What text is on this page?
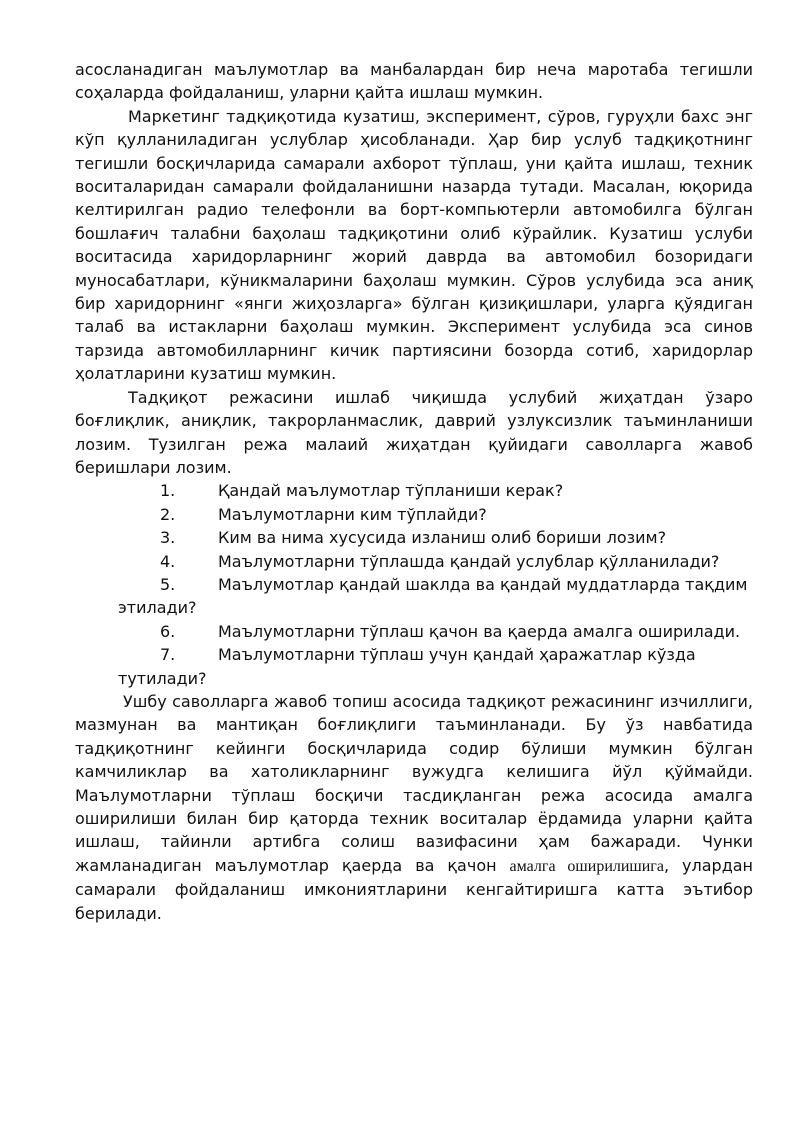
асосланадиган маълумотлар ва манбалардан бир неча маротаба тегишли соҳаларда фойдаланиш, уларни қайта ишлаш мумкин.

Маркетинг тадқиқотида кузатиш, эксперимент, сўров, гуруҳли бахс энг кўп қулланиладиган услублар ҳисобланади. Ҳар бир услуб тадқиқотнинг тегишли босқичларида самарали ахборот тўплаш, уни қайта ишлаш, техник воситаларидан самарали фойдаланишни назарда тутади. Масалан, юқорида келтирилган радио телефонли ва борт-компьютерли автомобилга бўлган бошлағич талабни баҳолаш тадқиқотини олиб кўрайлик. Кузатиш услуби воситасида харидорларнинг жорий даврда ва автомобил бозоридаги муносабатлари, кўникмаларини баҳолаш мумкин. Сўров услубида эса аниқ бир харидорнинг «янги жиҳозларга» бўлган қизиқишлари, уларга қўядиган талаб ва истакларни баҳолаш мумкин. Эксперимент услубида эса синов тарзида автомобилларнинг кичик партиясини бозорда сотиб, харидорлар ҳолатларини кузатиш мумкин.

Тадқиқот режасини ишлаб чиқишда услубий жиҳатдан ўзаро боғлиқлик, аниқлик, такрорланмаслик, даврий узлуксизлик таъминланиши лозим. Тузилган режа малаий жиҳатдан қуйидаги саволларга жавоб беришлари лозим.

1.	Қандай маълумотлар тўпланиши керак?
2.	Маълумотларни ким тўплайди?
3.	Ким ва нима хусусида изланиш олиб бориши лозим?
4.	Маълумотларни тўплашда қандай услублар қўлланилади?
5.	Маълумотлар қандай шаклда ва қандай муддатларда тақдим
этилади?
6.	Маълумотларни тўплаш қачон ва қаерда амалга оширилади.
7.	Маълумотларни тўплаш учун қандай ҳаражатлар кўзда
тутилади?

Ушбу саволларга жавоб топиш асосида тадқиқот режасининг изчиллиги, мазмунан ва мантиқан боғлиқлиги таъминланади. Бу ўз навбатида тадқиқотнинг кейинги босқичларида содир бўлиши мумкин бўлган камчиликлар ва хатоликларнинг вужудга келишига йўл қўймайди. Маълумотларни тўплаш босқичи тасдиқланган режа асосида амалга оширилиши билан бир қаторда техник воситалар ёрдамида уларни қайта ишлаш, тайинли артибга солиш вазифасини ҳам бажаради. Чунки жамланадиган маълумотлар қаерда ва қачон амалга оширилишига, улардан самарали фойдаланиш имкониятларини кенгайтиришга катта эътибор берилади.
